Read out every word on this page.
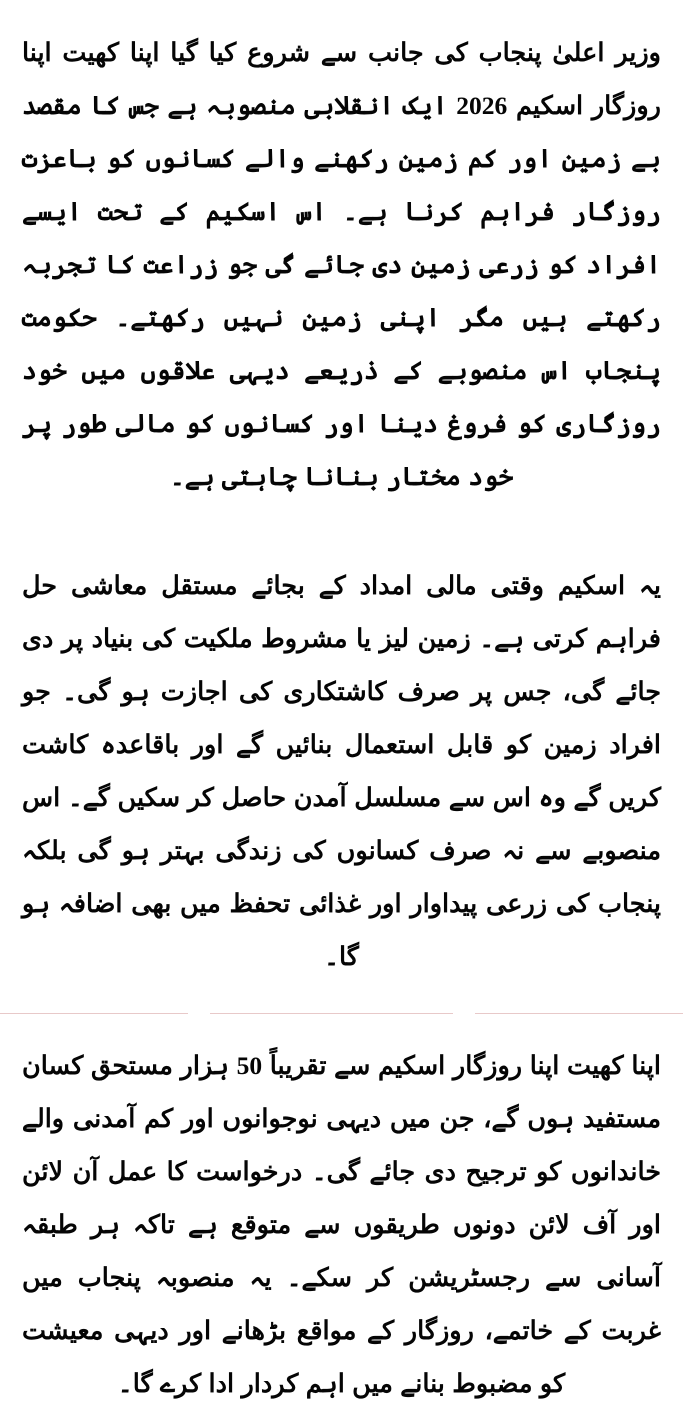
وزیر اعلیٰ پنجاب کی جانب سے شروع کیا گیا اپنا کھیت اپنا روزگار اسکیم 2026 ایک انقلابی منصوبہ ہے جس کا مقصد بے زمین اور کم زمین رکھنے والے کسانوں کو باعزت روزگار فراہم کرنا ہے۔ اس اسکیم کے تحت ایسے افراد کو زرعی زمین دی جائے گی جو زراعت کا تجربہ رکھتے ہیں مگر اپنی زمین نہیں رکھتے۔ حکومت پنجاب اس منصوبے کے ذریعے دیہی علاقوں میں خود روزگاری کو فروغ دینا اور کسانوں کو مالی طور پر خود مختار بنانا چاہتی ہے۔

یہ اسکیم وقتی مالی امداد کے بجائے مستقل معاشی حل فراہم کرتی ہے۔ زمین لیز یا مشروط ملکیت کی بنیاد پر دی جائے گی، جس پر صرف کاشتکاری کی اجازت ہو گی۔ جو افراد زمین کو قابل استعمال بنائیں گے اور باقاعدہ کاشت کریں گے وہ اس سے مسلسل آمدن حاصل کر سکیں گے۔ اس منصوبے سے نہ صرف کسانوں کی زندگی بہتر ہو گی بلکہ پنجاب کی زرعی پیداوار اور غذائی تحفظ میں بھی اضافہ ہو گا۔

اپنا کھیت اپنا روزگار اسکیم سے تقریباً 50 ہزار مستحق کسان مستفید ہوں گے، جن میں دیہی نوجوانوں اور کم آمدنی والے خاندانوں کو ترجیح دی جائے گی۔ درخواست کا عمل آن لائن اور آف لائن دونوں طریقوں سے متوقع ہے تاکہ ہر طبقہ آسانی سے رجسٹریشن کر سکے۔ یہ منصوبہ پنجاب میں غربت کے خاتمے، روزگار کے مواقع بڑھانے اور دیہی معیشت کو مضبوط بنانے میں اہم کردار ادا کرے گا۔
